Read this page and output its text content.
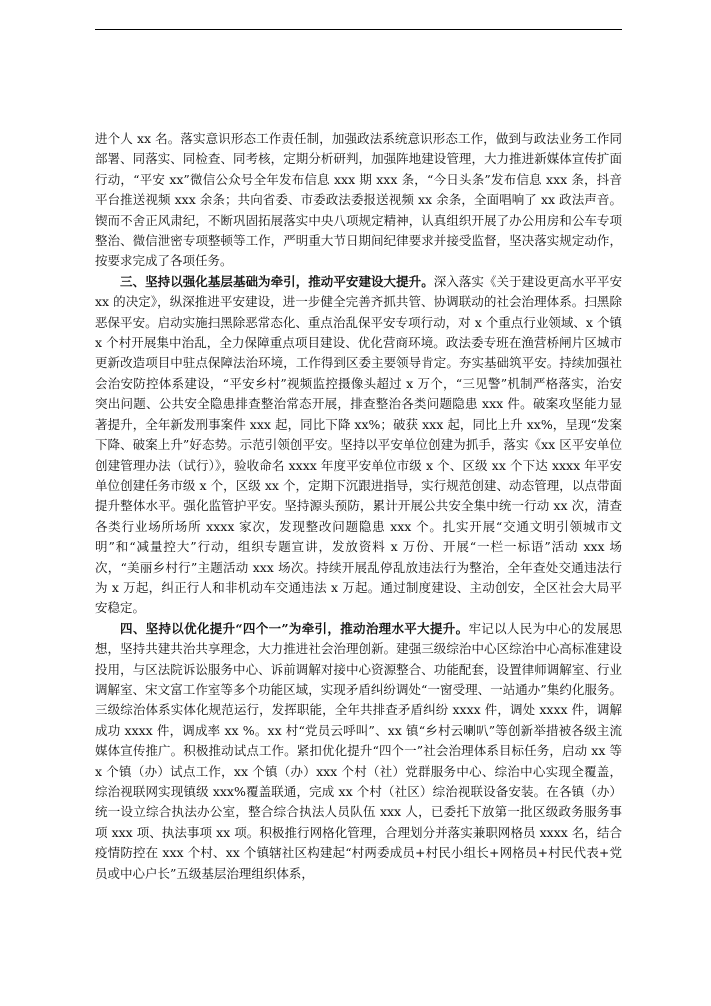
进个人 xx 名。落实意识形态工作责任制，加强政法系统意识形态工作，做到与政法业务工作同部署、同落实、同检查、同考核，定期分析研判，加强阵地建设管理，大力推进新媒体宣传扩面行动，“平安 xx”微信公众号全年发布信息 xxx 期 xxx 条，“今日头条”发布信息 xxx 条，抖音平台推送视频 xxx 余条；共向省委、市委政法委报送视频 xx 余条，全面唱响了 xx 政法声音。锲而不舍正风肃纪，不断巩固拓展落实中央八项规定精神，认真组织开展了办公用房和公车专项整治、微信泄密专项整顿等工作，严明重大节日期间纪律要求并接受监督，坚决落实规定动作，按要求完成了各项任务。

三、坚持以强化基层基础为牵引，推动平安建设大提升。深入落实《关于建设更高水平平安 xx 的决定》，纵深推进平安建设，进一步健全完善齐抓共管、协调联动的社会治理体系。扫黑除恶保平安。启动实施扫黑除恶常态化、重点治乱保平安专项行动，对 x 个重点行业领域、x 个镇 x 个村开展集中治乱，全力保障重点项目建设、优化营商环境。政法委专班在渔营桥闸片区城市更新改造项目中驻点保障法治环境，工作得到区委主要领导肯定。夯实基础筑平安。持续加强社会治安防控体系建设，“平安乡村”视频监控摄像头超过 x 万个，“三见警”机制严格落实，治安突出问题、公共安全隐患排查整治常态开展，排查整治各类问题隐患 xxx 件。破案攻坚能力显著提升，全年新发刑事案件 xxx 起，同比下降 xx%；破获 xxx 起，同比上升 xx%，呈现“发案下降、破案上升”好态势。示范引领创平安。坚持以平安单位创建为抓手，落实《xx 区平安单位创建管理办法（试行）》，验收命名 xxxx 年度平安单位市级 x 个、区级 xx 个下达 xxxx 年平安单位创建任务市级 x 个，区级 xx 个，定期下沉跟进指导，实行规范创建、动态管理，以点带面提升整体水平。强化监管护平安。坚持源头预防，累计开展公共安全集中统一行动 xx 次，清查各类行业场所场所 xxxx 家次，发现整改问题隐患 xxx 个。扎实开展“交通文明引领城市文明”和“减量控大”行动，组织专题宣讲，发放资料 x 万份、开展“一栏一标语”活动 xxx 场次，“美丽乡村行”主题活动 xxx 场次。持续开展乱停乱放违法行为整治，全年查处交通违法行为 x 万起，纠正行人和非机动车交通违法 x 万起。通过制度建设、主动创安，全区社会大局平安稳定。

四、坚持以优化提升“四个一”为牵引，推动治理水平大提升。牢记以人民为中心的发展思想，坚持共建共治共享理念，大力推进社会治理创新。建强三级综治中心区综治中心高标准建设投用，与区法院诉讼服务中心、诉前调解对接中心资源整合、功能配套，设置律师调解室、行业调解室、宋文富工作室等多个功能区域，实现矛盾纠纷调处“一窗受理、一站通办”集约化服务。三级综治体系实体化规范运行，发挥职能，全年共排查矛盾纠纷 xxxx 件，调处 xxxx 件，调解成功 xxxx 件，调成率 xx %。xx 村“党员云呼叫”、xx 镇“乡村云喇叭”等创新举措被各级主流媒体宣传推广。积极推动试点工作。紧扣优化提升“四个一”社会治理体系目标任务，启动 xx 等 x 个镇（办）试点工作，xx 个镇（办）xxx 个村（社）党群服务中心、综治中心实现全覆盖，综治视联网实现镇级 xxx%覆盖联通，完成 xx 个村（社区）综治视联设备安装。在各镇（办）统一设立综合执法办公室，整合综合执法人员队伍 xxx 人，已委托下放第一批区级政务服务事项 xxx 项、执法事项 xx 项。积极推行网格化管理，合理划分并落实兼职网格员 xxxx 名，结合疫情防控在 xxx 个村、xx 个镇辖社区构建起“村两委成员+村民小组长+网格员+村民代表+党员或中心户长”五级基层治理组织体系，
